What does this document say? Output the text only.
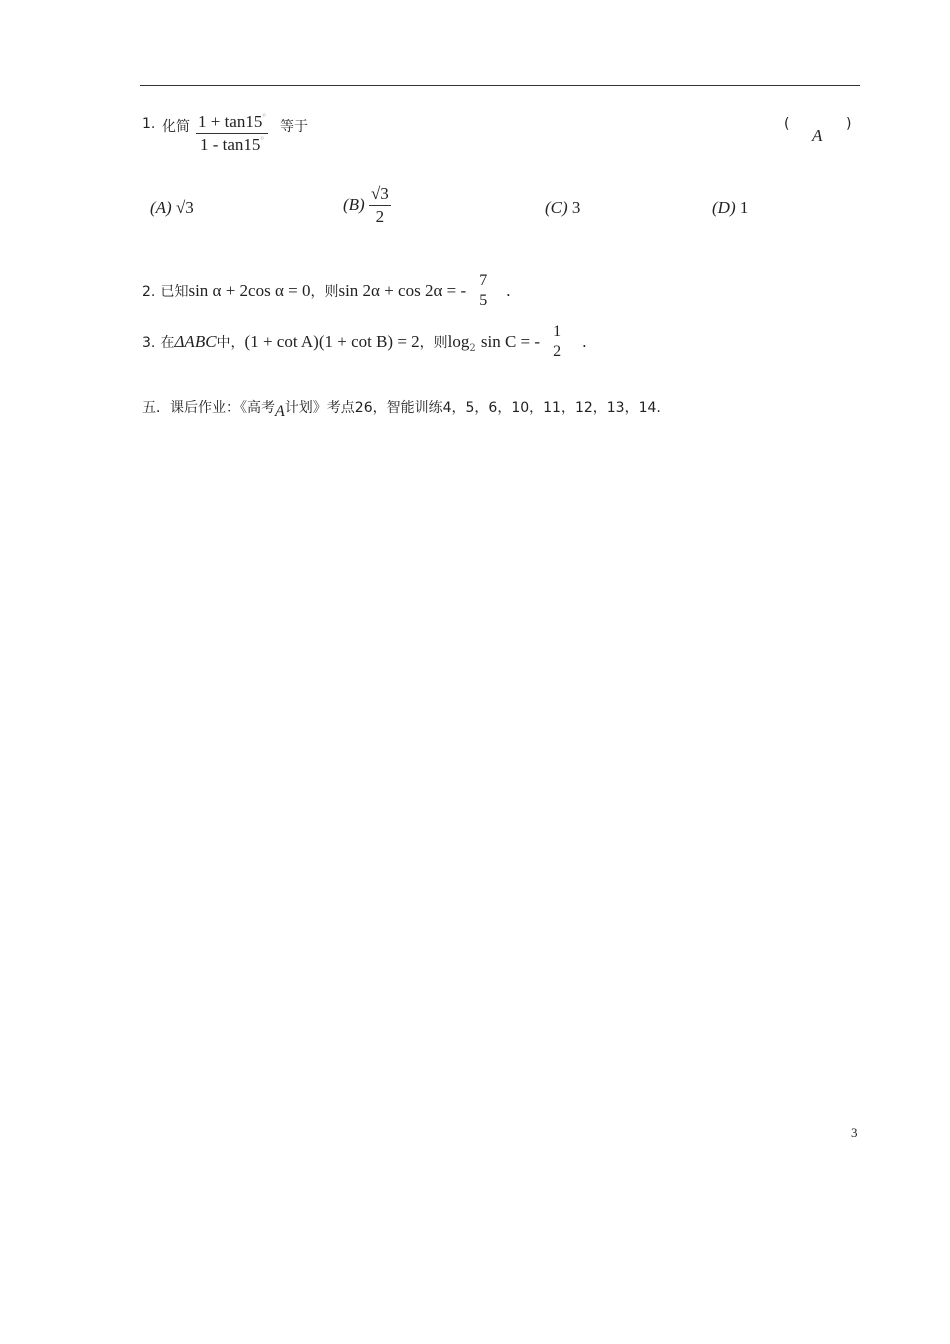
1. 化简 $\frac{1 + \tan 15^\circ}{1 - \tan 15^\circ}$ 等于	(
A
)
(A) √3	$(B) \frac{√3}{2}$	(C) 3	(D) 1
2. 已知sin α + 2cos α = 0，则sin 2α + cos 2α = -
7
5
.
3. 在ΔABC中，(1 + cot A)(1 + cot B) = 2，则$\log_2 \sin C$ = -
1
2
.
五．课后作业：《高考A计划》考点26，智能训练4，5，6，10，11，12，13，14.
3
